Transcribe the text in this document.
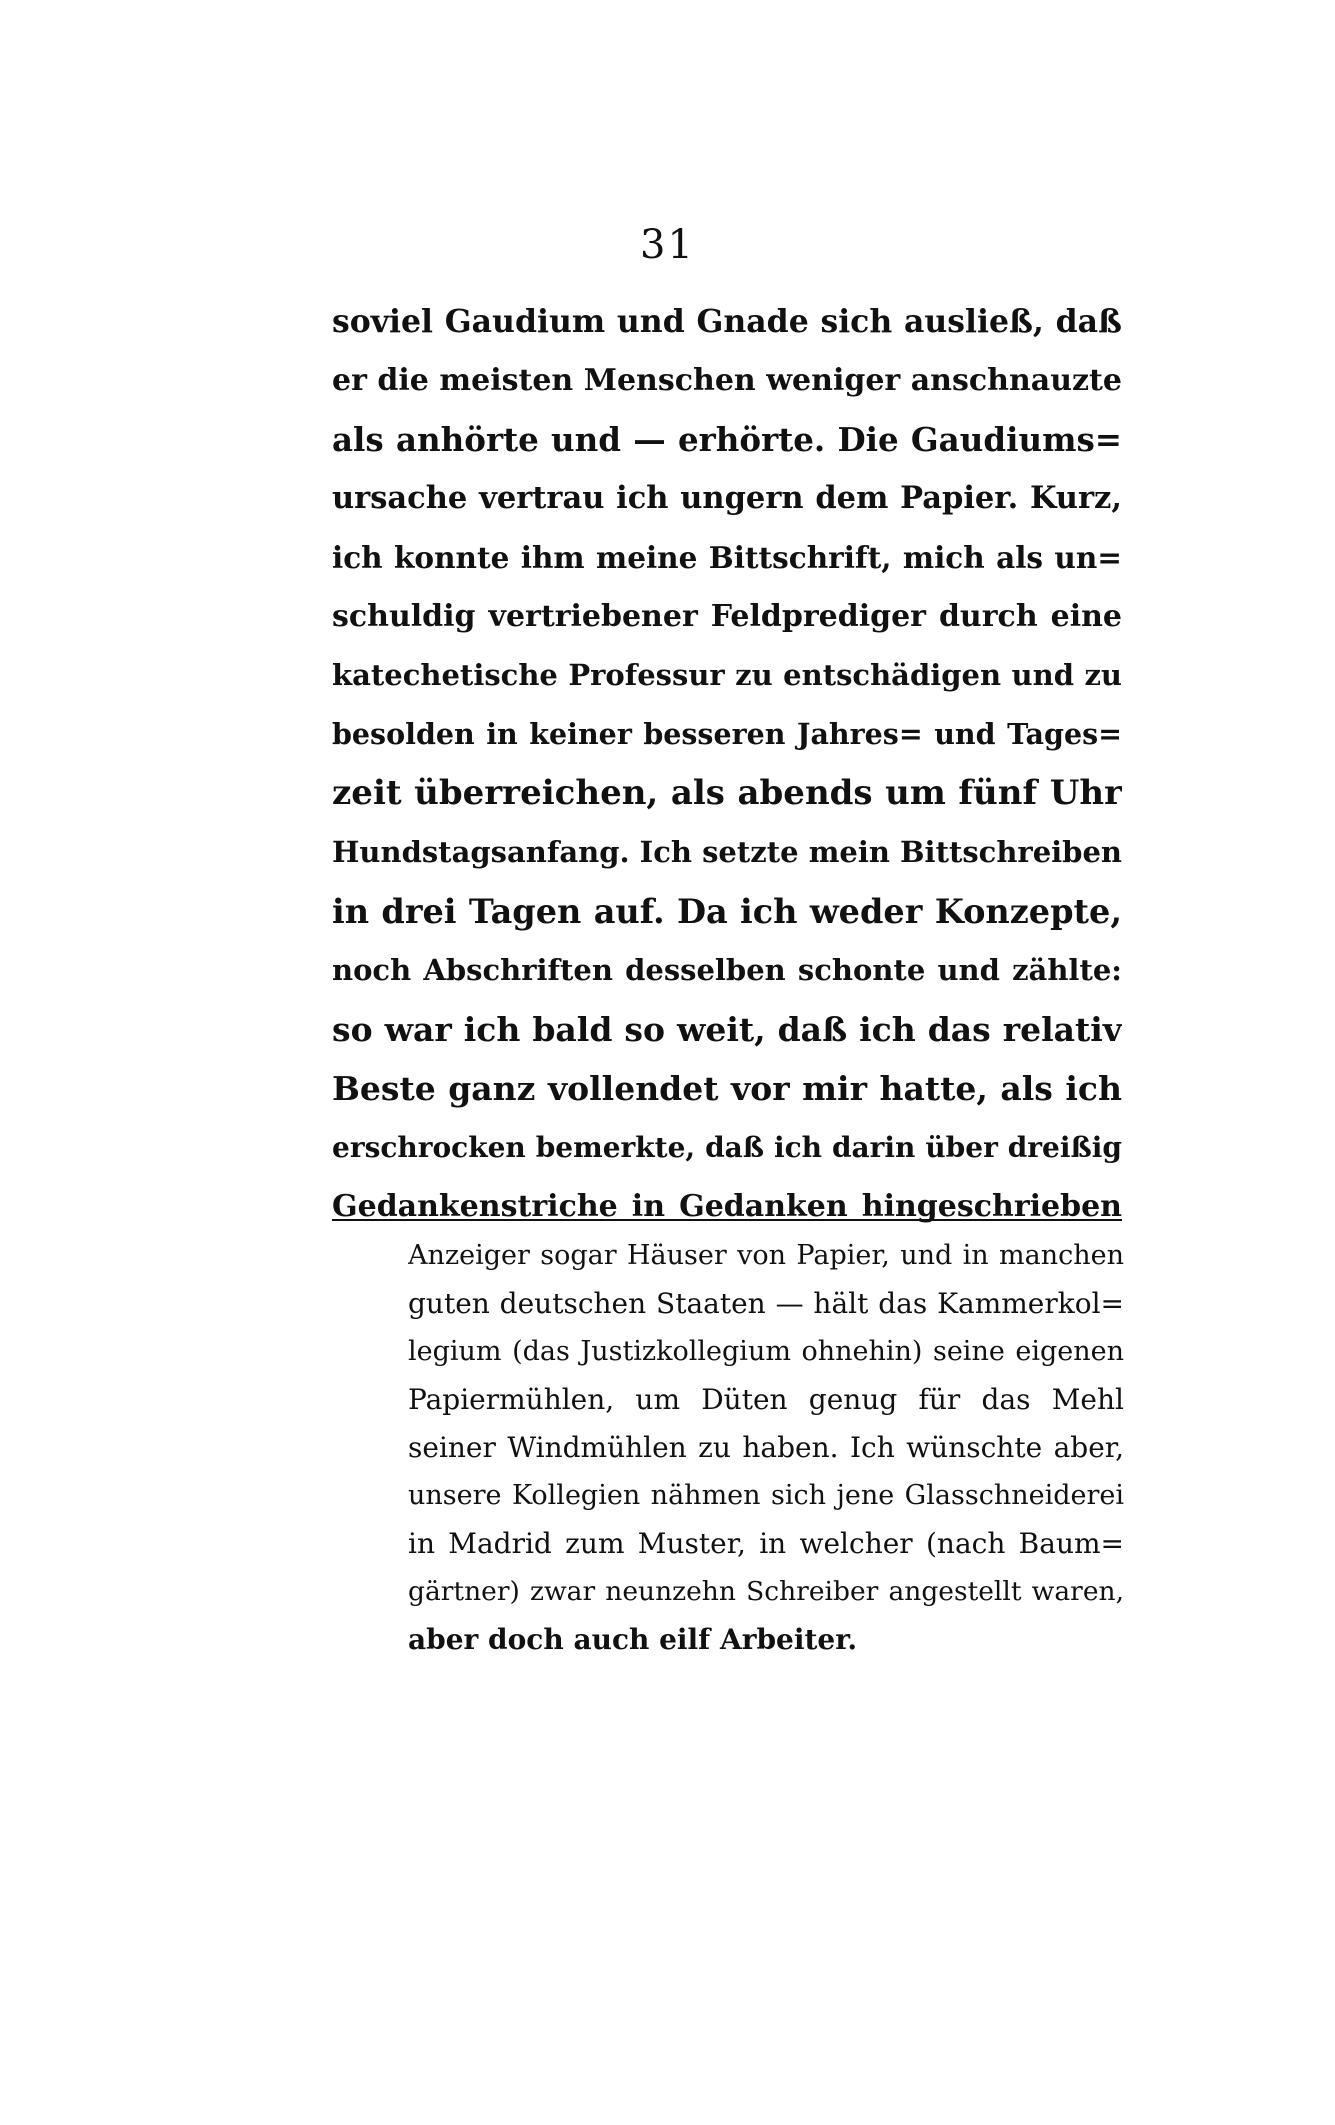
31
soviel Gaudium und Gnade sich ausließ, daß
er die meisten Menschen weniger anschnauzte
als anhörte und — erhörte. Die Gaudiums=
ursache vertrau ich ungern dem Papier. Kurz,
ich konnte ihm meine Bittschrift, mich als un=
schuldig vertriebener Feldprediger durch eine
katechetische Professur zu entschädigen und zu
besolden in keiner besseren Jahres= und Tages=
zeit überreichen, als abends um fünf Uhr
Hundstagsanfang. Ich setzte mein Bittschreiben
in drei Tagen auf. Da ich weder Konzepte,
noch Abschriften desselben schonte und zählte:
so war ich bald so weit, daß ich das relativ
Beste ganz vollendet vor mir hatte, als ich
erschrocken bemerkte, daß ich darin über dreißig
Gedankenstriche in Gedanken hingeschrieben
Anzeiger sogar Häuser von Papier, und in manchen
guten deutschen Staaten — hält das Kammerkol=
legium (das Justizkollegium ohnehin) seine eigenen
Papiermühlen, um Düten genug für das Mehl
seiner Windmühlen zu haben. Ich wünschte aber,
unsere Kollegien nähmen sich jene Glasschneiderei
in Madrid zum Muster, in welcher (nach Baum=
gärtner) zwar neunzehn Schreiber angestellt waren,
aber doch auch eilf Arbeiter.
